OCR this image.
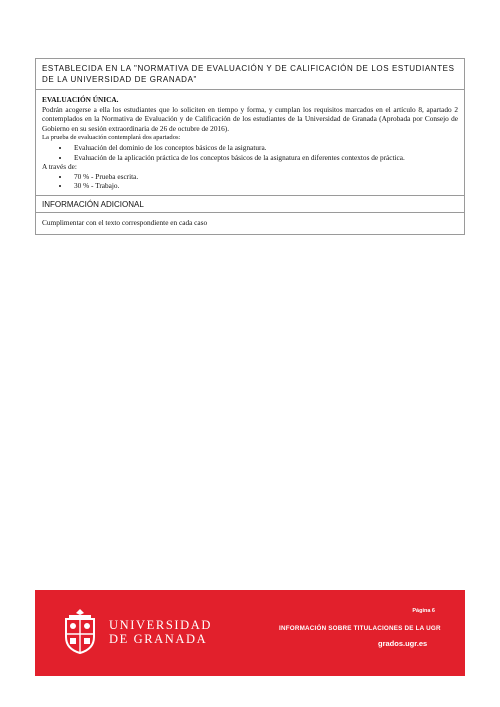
ESTABLECIDA EN LA "NORMATIVA DE EVALUACIÓN Y DE CALIFICACIÓN DE LOS ESTUDIANTES DE LA UNIVERSIDAD DE GRANADA"
EVALUACIÓN ÚNICA.
Podrán acogerse a ella los estudiantes que lo soliciten en tiempo y forma, y cumplan los requisitos marcados en el artículo 8, apartado 2 contemplados en la Normativa de Evaluación y de Calificación de los estudiantes de la Universidad de Granada (Aprobada por Consejo de Gobierno en su sesión extraordinaria de 26 de octubre de 2016).
La prueba de evaluación contemplará dos apartados:
• Evaluación del dominio de los conceptos básicos de la asignatura.
• Evaluación de la aplicación práctica de los conceptos básicos de la asignatura en diferentes contextos de práctica.
A través de:
• 70 % - Prueba escrita.
• 30 % - Trabajo.
INFORMACIÓN ADICIONAL
Cumplimentar con el texto correspondiente en cada caso
UNIVERSIDAD
DE GRANADA
Página 6
INFORMACIÓN SOBRE TITULACIONES DE LA UGR
grados.ugr.es
